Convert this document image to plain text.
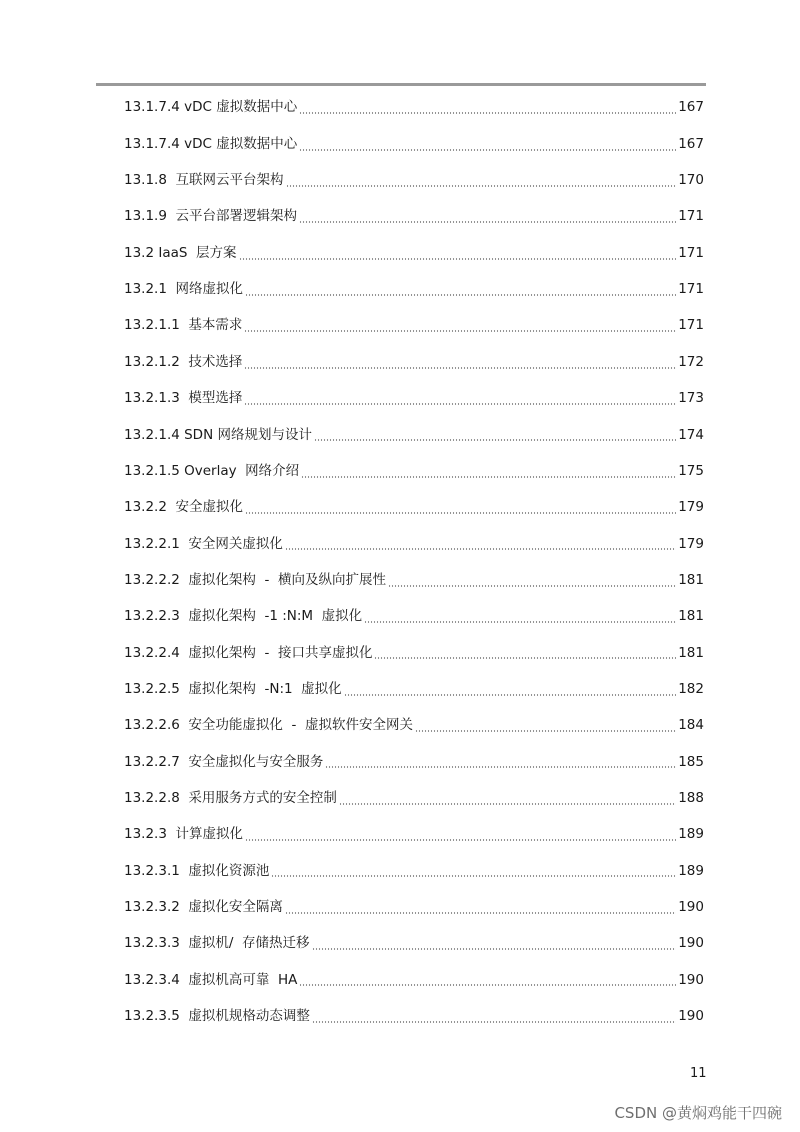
13.1.7.4 vDC 虚拟数据中心	167
13.1.7.4 vDC 虚拟数据中心	167
13.1.8  互联网云平台架构	170
13.1.9  云平台部署逻辑架构	171
13.2 IaaS  层方案	171
13.2.1  网络虚拟化	171
13.2.1.1  基本需求	171
13.2.1.2  技术选择	172
13.2.1.3  模型选择	173
13.2.1.4 SDN 网络规划与设计	174
13.2.1.5 Overlay  网络介绍	175
13.2.2  安全虚拟化	179
13.2.2.1  安全网关虚拟化	179
13.2.2.2  虚拟化架构  -  横向及纵向扩展性	181
13.2.2.3  虚拟化架构  -1 :N:M  虚拟化	181
13.2.2.4  虚拟化架构  -  接口共享虚拟化	181
13.2.2.5  虚拟化架构  -N:1  虚拟化	182
13.2.2.6  安全功能虚拟化  -  虚拟软件安全网关	184
13.2.2.7  安全虚拟化与安全服务	185
13.2.2.8  采用服务方式的安全控制	188
13.2.3  计算虚拟化	189
13.2.3.1  虚拟化资源池	189
13.2.3.2  虚拟化安全隔离	190
13.2.3.3  虚拟机/  存储热迁移	190
13.2.3.4  虚拟机高可靠  HA	190
13.2.3.5  虚拟机规格动态调整	190
11
CSDN @黄焖鸡能干四碗
